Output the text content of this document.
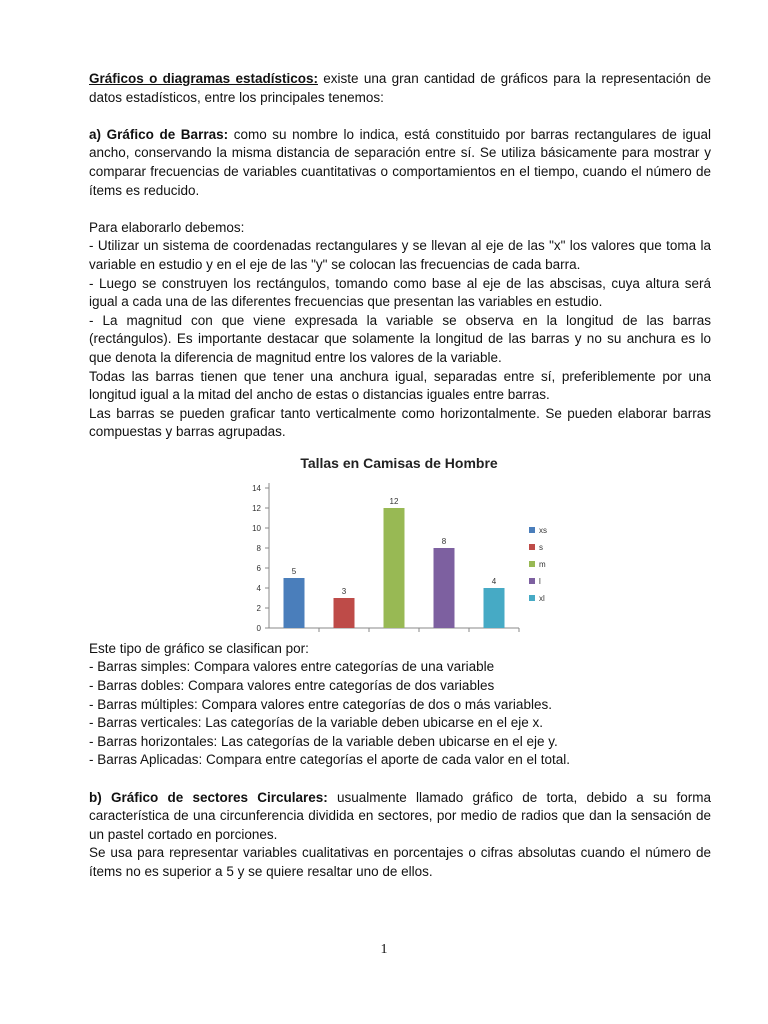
Gráficos o diagramas estadísticos: existe una gran cantidad de gráficos para la representación de datos estadísticos, entre los principales tenemos:

a) Gráfico de Barras: como su nombre lo indica, está constituido por barras rectangulares de igual ancho, conservando la misma distancia de separación entre sí. Se utiliza básicamente para mostrar y comparar frecuencias de variables cuantitativas o comportamientos en el tiempo, cuando el número de ítems es reducido.

Para elaborarlo debemos:

- Utilizar un sistema de coordenadas rectangulares y se llevan al eje de las "x" los valores que toma la variable en estudio y en el eje de las "y" se colocan las frecuencias de cada barra.

- Luego se construyen los rectángulos, tomando como base al eje de las abscisas, cuya altura será igual a cada una de las diferentes frecuencias que presentan las variables en estudio.

- La magnitud con que viene expresada la variable se observa en la longitud de las barras (rectángulos). Es importante destacar que solamente la longitud de las barras y no su anchura es lo que denota la diferencia de magnitud entre los valores de la variable.

Todas las barras tienen que tener una anchura igual, separadas entre sí, preferiblemente por una longitud igual a la mitad del ancho de estas o distancias iguales entre barras.

Las barras se pueden graficar tanto verticalmente como horizontalmente. Se pueden elaborar barras compuestas y barras agrupadas.

Tallas en Camisas de Hombre
0
2
4
6
8
10
12
14
5
3
12
8
4
xs
s
m
l
xl

Este tipo de gráfico se clasifican por:

- Barras simples: Compara valores entre categorías de una variable

- Barras dobles: Compara valores entre categorías de dos variables

- Barras múltiples: Compara valores entre categorías de dos o más variables.

- Barras verticales: Las categorías de la variable deben ubicarse en el eje x.

- Barras horizontales: Las categorías de la variable deben ubicarse en el eje y.

- Barras Aplicadas: Compara entre categorías el aporte de cada valor en el total.

b) Gráfico de sectores Circulares: usualmente llamado gráfico de torta, debido a su forma característica de una circunferencia dividida en sectores, por medio de radios que dan la sensación de un pastel cortado en porciones.

Se usa para representar variables cualitativas en porcentajes o cifras absolutas cuando el número de ítems no es superior a 5 y se quiere resaltar uno de ellos.

1
